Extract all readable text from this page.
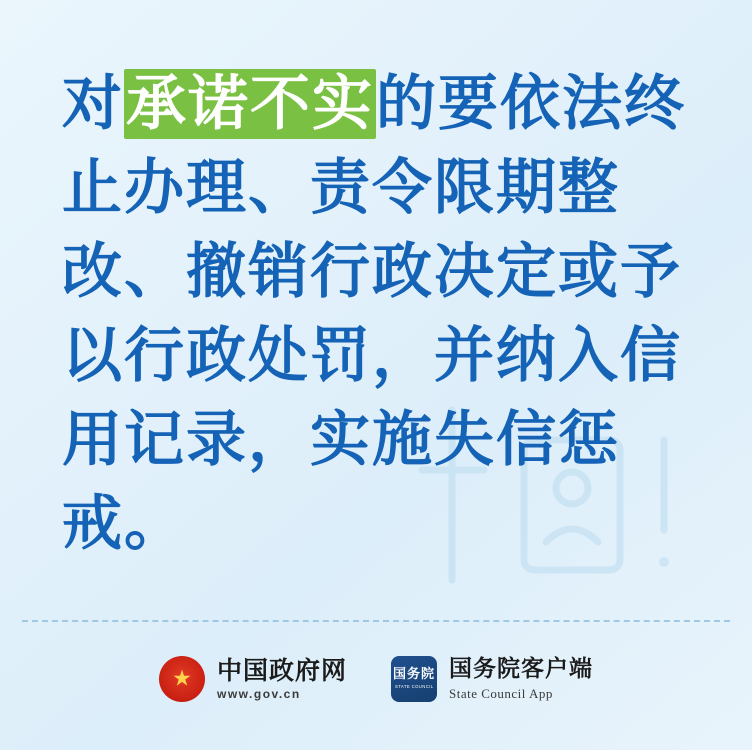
对承诺不实的要依法终止办理、责令限期整改、撤销行政决定或予以行政处罚，并纳入信用记录，实施失信惩戒。

★
中国政府网
www.gov.cn
国务院
STATE COUNCIL
国务院客户端
State Council App
